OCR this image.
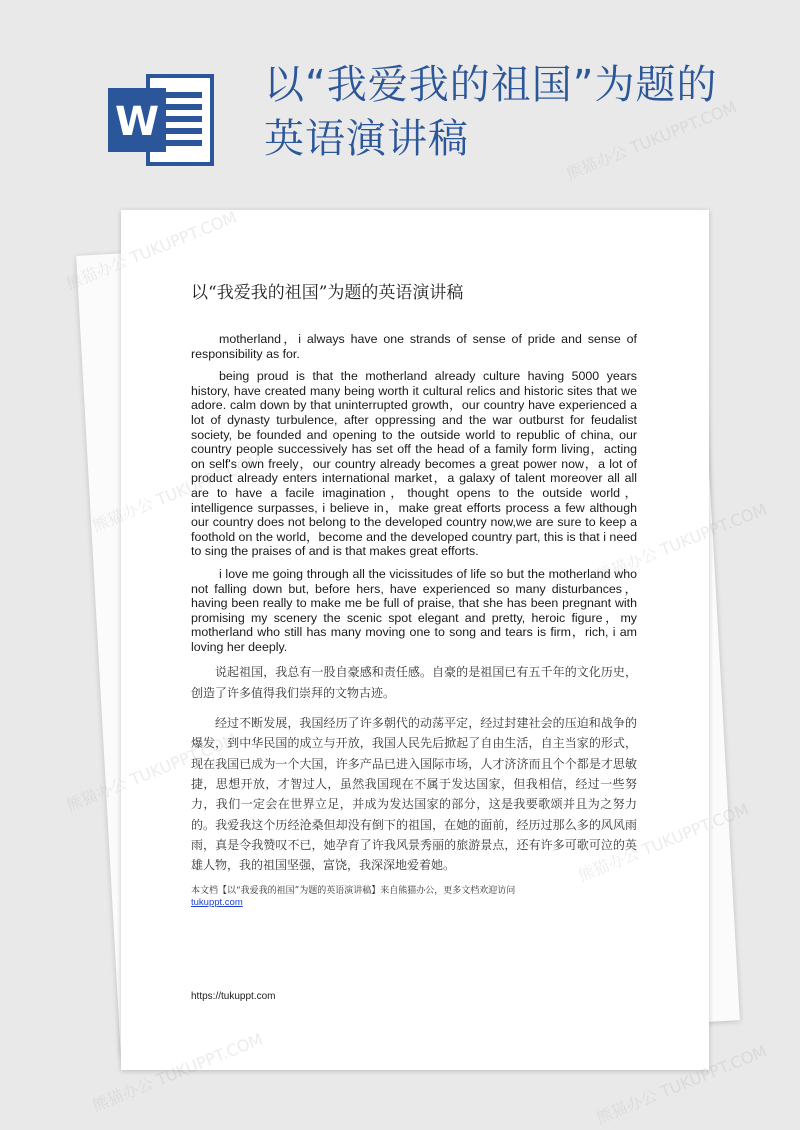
W
以“我爱我的祖国”为题的英语演讲稿
以“我爱我的祖国”为题的英语演讲稿

motherland，i always have one strands of sense of pride and sense of responsibility as for.

being proud is that the motherland already culture having 5000 years history, have created many being worth it cultural relics and historic sites that we adore. calm down by that uninterrupted growth，our country have experienced a lot of dynasty turbulence, after oppressing and the war outburst for feudalist society, be founded and opening to the outside world to republic of china, our country people successively has set off the head of a family form living，acting on self's own freely，our country already becomes a great power now，a lot of product already enters international market，a galaxy of talent moreover all all are to have a facile imagination，thought opens to the outside world，intelligence surpasses, i believe in，make great efforts process a few although our country does not belong to the developed country now,we are sure to keep a foothold on the world，become and the developed country part, this is that i need to sing the praises of and is that makes great efforts.

i love me going through all the vicissitudes of life so but the motherland who not falling down but, before hers, have experienced so many disturbances，having been really to make me be full of praise, that she has been pregnant with promising my scenery the scenic spot elegant and pretty, heroic figure，my motherland who still has many moving one to song and tears is firm，rich, i am loving her deeply.

说起祖国，我总有一股自豪感和责任感。自豪的是祖国已有五千年的文化历史，创造了许多值得我们崇拜的文物古迹。

经过不断发展，我国经历了许多朝代的动荡平定，经过封建社会的压迫和战争的爆发，到中华民国的成立与开放，我国人民先后掀起了自由生活，自主当家的形式，现在我国已成为一个大国，许多产品已进入国际市场，人才济济而且个个都是才思敏捷，思想开放，才智过人，虽然我国现在不属于发达国家，但我相信，经过一些努力，我们一定会在世界立足，并成为发达国家的部分，这是我要歌颂并且为之努力的。我爱我这个历经沧桑但却没有倒下的祖国，在她的面前，经历过那么多的风风雨雨，真是令我赞叹不已，她孕育了许我风景秀丽的旅游景点，还有许多可歌可泣的英雄人物，我的祖国坚强，富饶，我深深地爱着她。

本文档【以“我爱我的祖国”为题的英语演讲稿】来自熊猫办公，更多文档欢迎访问

tukuppt.com
https://tukuppt.com
熊猫办公 TUKUPPT.COM
TUKUPPT.COM
熊猫办公
熊猫办公 TUKUPPT.COM	熊猫办公 TUKUPPT.COM
